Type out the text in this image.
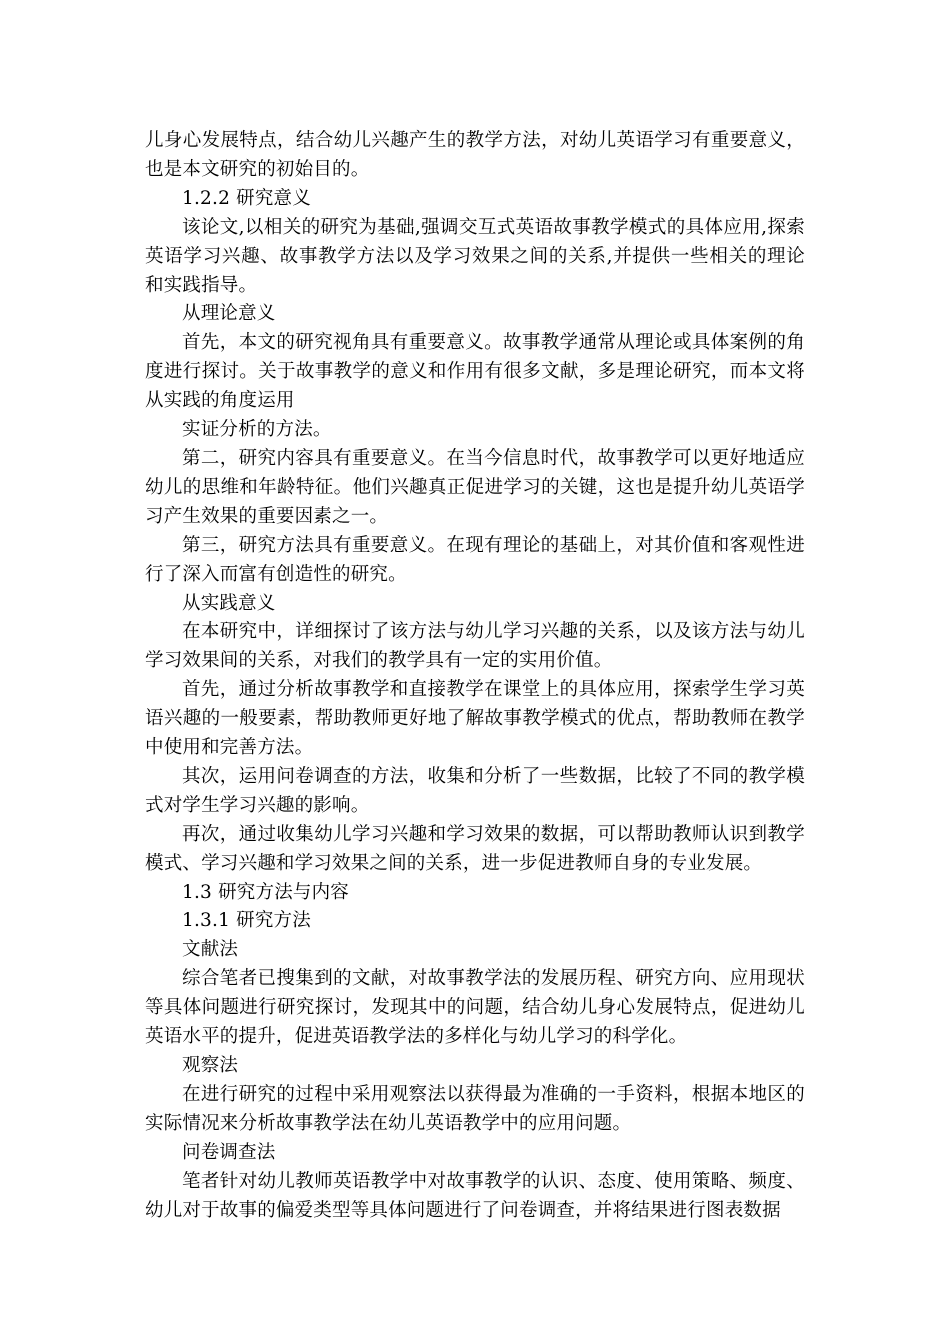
儿身心发展特点，结合幼儿兴趣产生的教学方法，对幼儿英语学习有重要意义，也是本文研究的初始目的。

1.2.2 研究意义

该论文,以相关的研究为基础,强调交互式英语故事教学模式的具体应用,探索英语学习兴趣、故事教学方法以及学习效果之间的关系,并提供一些相关的理论和实践指导。

从理论意义

首先，本文的研究视角具有重要意义。故事教学通常从理论或具体案例的角度进行探讨。关于故事教学的意义和作用有很多文献，多是理论研究，而本文将从实践的角度运用

实证分析的方法。

第二，研究内容具有重要意义。在当今信息时代，故事教学可以更好地适应幼儿的思维和年龄特征。他们兴趣真正促进学习的关键，这也是提升幼儿英语学习产生效果的重要因素之一。

第三，研究方法具有重要意义。在现有理论的基础上，对其价值和客观性进行了深入而富有创造性的研究。

从实践意义

在本研究中，详细探讨了该方法与幼儿学习兴趣的关系，以及该方法与幼儿学习效果间的关系，对我们的教学具有一定的实用价值。

首先，通过分析故事教学和直接教学在课堂上的具体应用，探索学生学习英语兴趣的一般要素，帮助教师更好地了解故事教学模式的优点，帮助教师在教学中使用和完善方法。

其次，运用问卷调查的方法，收集和分析了一些数据，比较了不同的教学模式对学生学习兴趣的影响。

再次，通过收集幼儿学习兴趣和学习效果的数据，可以帮助教师认识到教学模式、学习兴趣和学习效果之间的关系，进一步促进教师自身的专业发展。

1.3 研究方法与内容

1.3.1 研究方法

文献法

综合笔者已搜集到的文献，对故事教学法的发展历程、研究方向、应用现状等具体问题进行研究探讨，发现其中的问题，结合幼儿身心发展特点，促进幼儿英语水平的提升，促进英语教学法的多样化与幼儿学习的科学化。

观察法

在进行研究的过程中采用观察法以获得最为准确的一手资料，根据本地区的实际情况来分析故事教学法在幼儿英语教学中的应用问题。

问卷调查法

笔者针对幼儿教师英语教学中对故事教学的认识、态度、使用策略、频度、幼儿对于故事的偏爱类型等具体问题进行了问卷调查，并将结果进行图表数据
